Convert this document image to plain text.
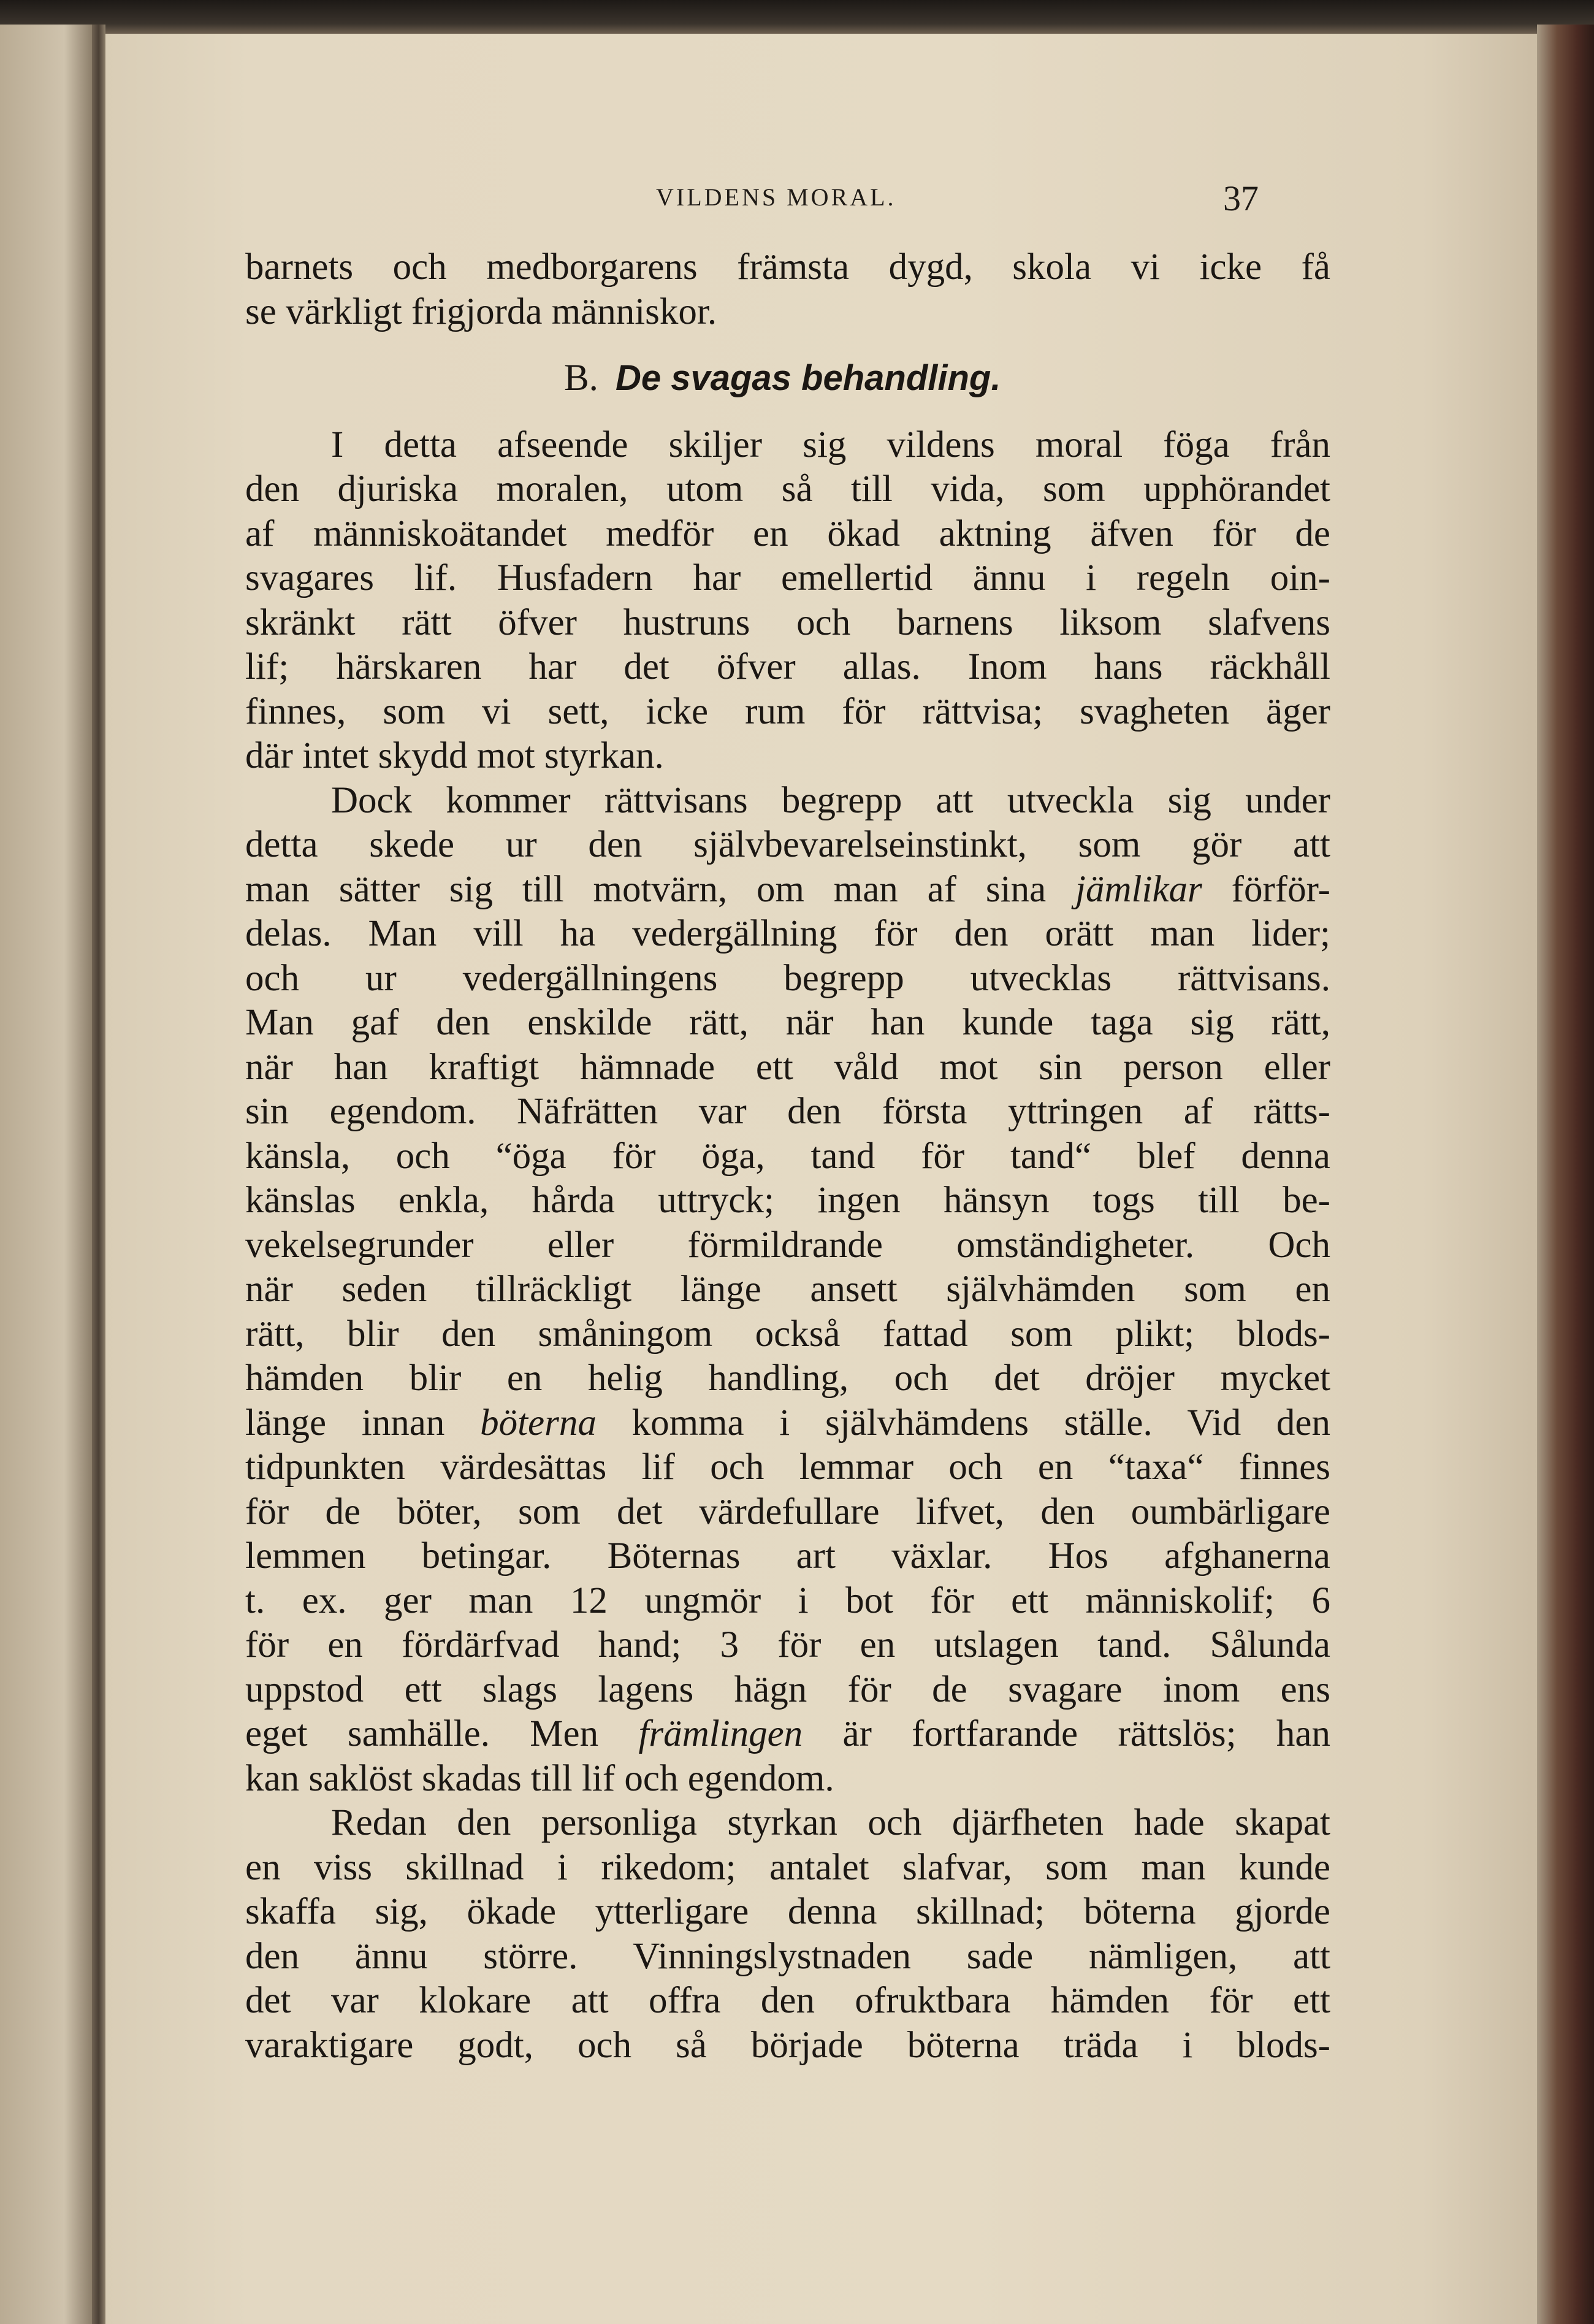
VILDENS MORAL.	37
barnets och medborgarens främsta dygd, skola vi icke få
se värkligt frigjorda människor.
B. De svagas behandling.
I detta afseende skiljer sig vildens moral föga från
den djuriska moralen, utom så till vida, som upphörandet
af människoätandet medför en ökad aktning äfven för de
svagares lif. Husfadern har emellertid ännu i regeln oin-
skränkt rätt öfver hustruns och barnens liksom slafvens
lif; härskaren har det öfver allas. Inom hans räckhåll
finnes, som vi sett, icke rum för rättvisa; svagheten äger
där intet skydd mot styrkan.
Dock kommer rättvisans begrepp att utveckla sig under
detta skede ur den självbevarelseinstinkt, som gör att
man sätter sig till motvärn, om man af sina jämlikar förför-
delas. Man vill ha vedergällning för den orätt man lider;
och ur vedergällningens begrepp utvecklas rättvisans.
Man gaf den enskilde rätt, när han kunde taga sig rätt,
när han kraftigt hämnade ett våld mot sin person eller
sin egendom. Näfrätten var den första yttringen af rätts-
känsla, och “öga för öga, tand för tand“ blef denna
känslas enkla, hårda uttryck; ingen hänsyn togs till be-
vekelsegrunder eller förmildrande omständigheter. Och
när seden tillräckligt länge ansett självhämden som en
rätt, blir den småningom också fattad som plikt; blods-
hämden blir en helig handling, och det dröjer mycket
länge innan böterna komma i självhämdens ställe. Vid den
tidpunkten värdesättas lif och lemmar och en “taxa“ finnes
för de böter, som det värdefullare lifvet, den oumbärligare
lemmen betingar. Böternas art växlar. Hos afghanerna
t. ex. ger man 12 ungmör i bot för ett människolif; 6
för en fördärfvad hand; 3 för en utslagen tand. Sålunda
uppstod ett slags lagens hägn för de svagare inom ens
eget samhälle. Men främlingen är fortfarande rättslös; han
kan saklöst skadas till lif och egendom.
Redan den personliga styrkan och djärfheten hade skapat
en viss skillnad i rikedom; antalet slafvar, som man kunde
skaffa sig, ökade ytterligare denna skillnad; böterna gjorde
den ännu större. Vinningslystnaden sade nämligen, att
det var klokare att offra den ofruktbara hämden för ett
varaktigare godt, och så började böterna träda i blods-
